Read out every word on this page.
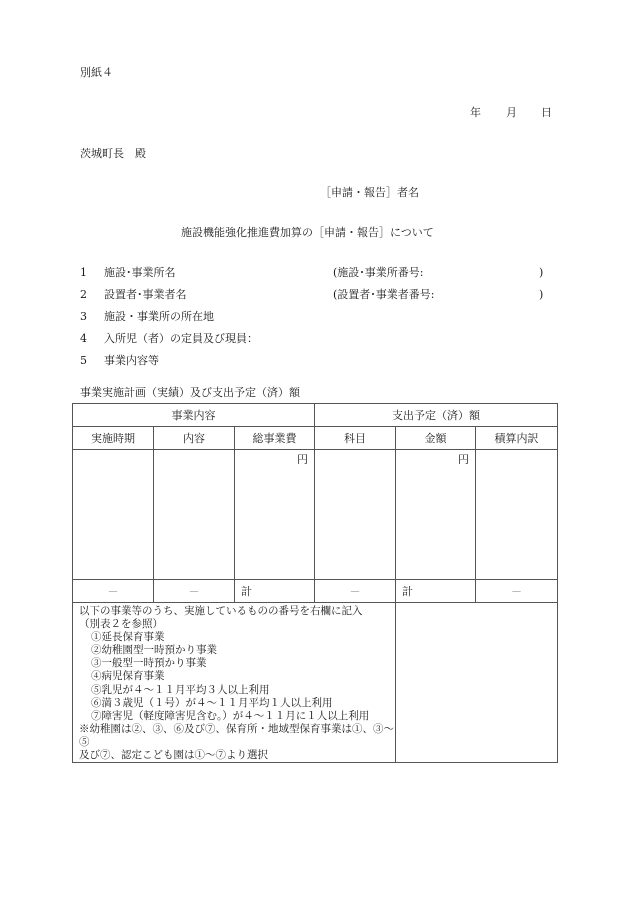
別紙４
年 月 日
茨城町長　殿
［申請・報告］者名
施設機能強化推進費加算の［申請・報告］について
1 施設･事業所名	(施設･事業所番号:	)
2 設置者･事業者名	(設置者･事業者番号:	)
3 施設・事業所の所在地
4 入所児（者）の定員及び現員：
5 事業内容等
事業実施計画（実績）及び支出予定（済）額
事業内容			支出予定（済）額		
実施時期	内容	総事業費	科目	金額	積算内訳
		円		円	
－	－	計	－	計	－

以下の事業等のうち、実施しているものの番号を右欄に記入
（別表２を参照）
①延長保育事業
②幼稚園型一時預かり事業
③一般型一時預かり事業
④病児保育事業
⑤乳児が４～１１月平均３人以上利用
⑥満３歳児（１号）が４～１１月平均１人以上利用
⑦障害児（軽度障害児含む。）が４～１１月に１人以上利用
※幼稚園は②、③、⑥及び⑦、保育所・地域型保育事業は①、③～⑤
及び⑦、認定こども園は①～⑦より選択
